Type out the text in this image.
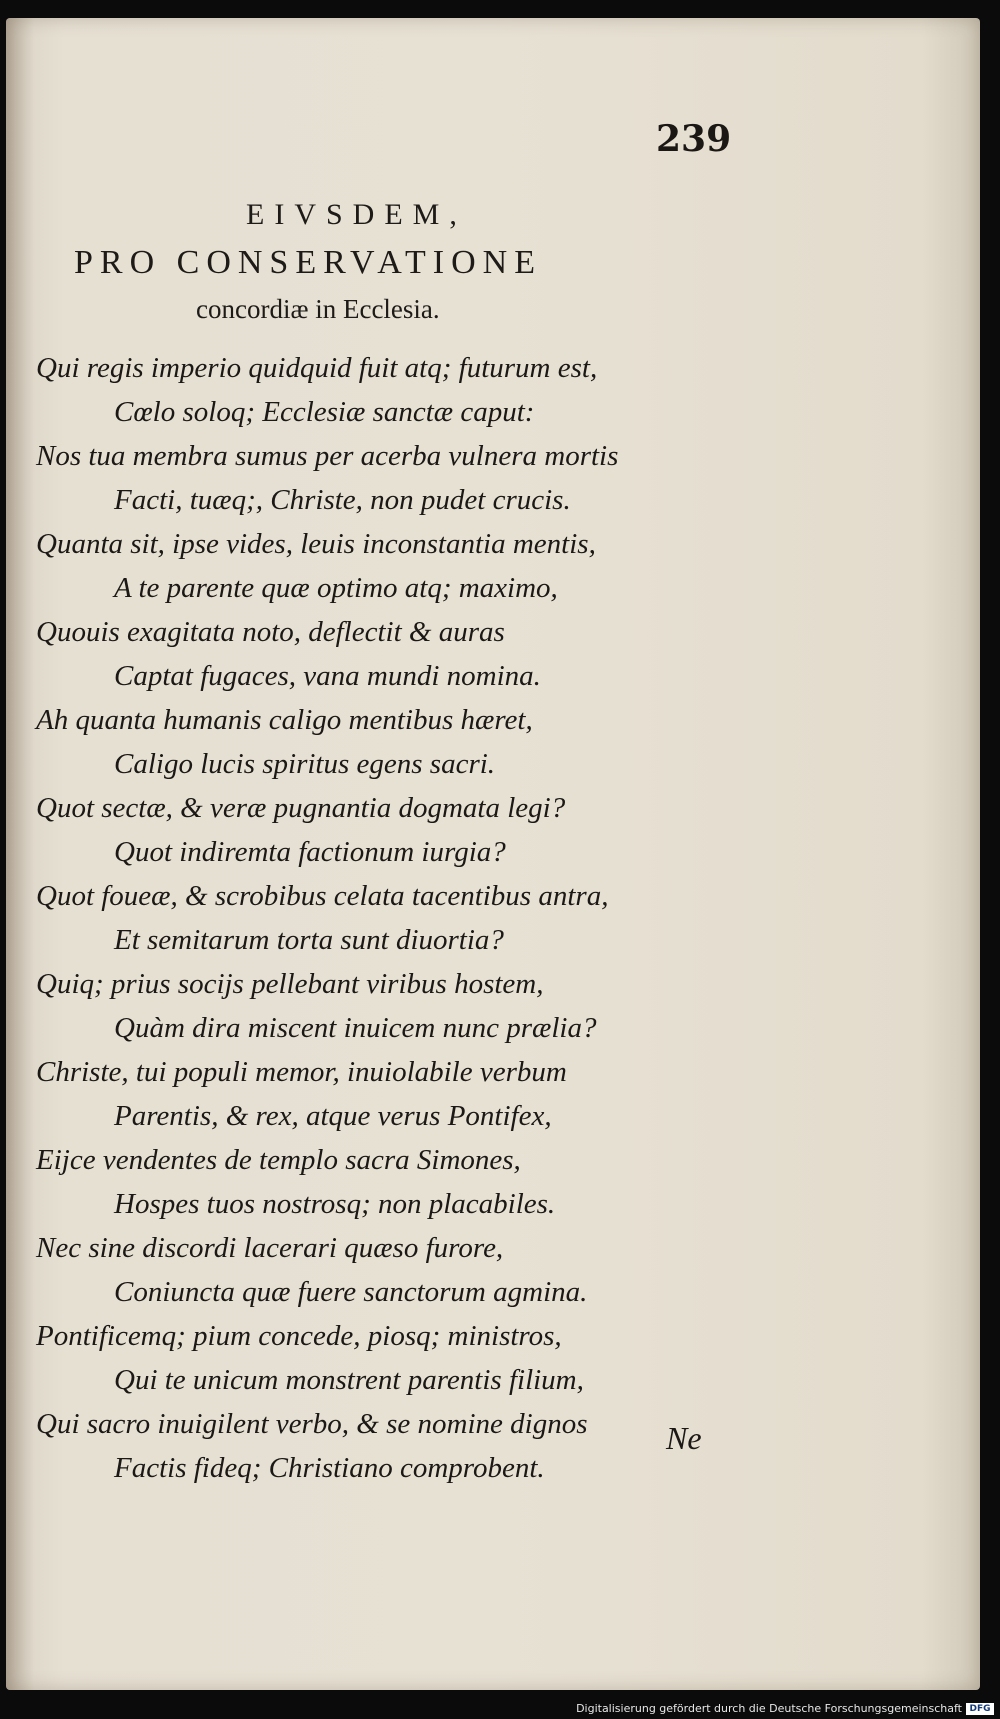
239
EIVSDEM,
PRO CONSERVATIONE
concordiæ in Ecclesia.
Qui regis imperio quidquid fuit atq; futurum est,
Cœlo soloq; Ecclesiæ sanctæ caput:
Nos tua membra sumus per acerba vulnera mortis
Facti, tuæq;, Christe, non pudet crucis.
Quanta sit, ipse vides, leuis inconstantia mentis,
A te parente quæ optimo atq; maximo,
Quouis exagitata noto, deflectit & auras
Captat fugaces, vana mundi nomina.
Ah quanta humanis caligo mentibus hæret,
Caligo lucis spiritus egens sacri.
Quot sectæ, & veræ pugnantia dogmata legi?
Quot indiremta factionum iurgia?
Quot foueæ, & scrobibus celata tacentibus antra,
Et semitarum torta sunt diuortia?
Quiq; prius socijs pellebant viribus hostem,
Quàm dira miscent inuicem nunc prælia?
Christe, tui populi memor, inuiolabile verbum
Parentis, & rex, atque verus Pontifex,
Eijce vendentes de templo sacra Simones,
Hospes tuos nostrosq; non placabiles.
Nec sine discordi lacerari quæso furore,
Coniuncta quæ fuere sanctorum agmina.
Pontificemq; pium concede, piosq; ministros,
Qui te unicum monstrent parentis filium,
Qui sacro inuigilent verbo, & se nomine dignos
Factis fideq; Christiano comprobent.
Ne
Digitalisierung gefördert durch die Deutsche Forschungsgemeinschaft DFG
